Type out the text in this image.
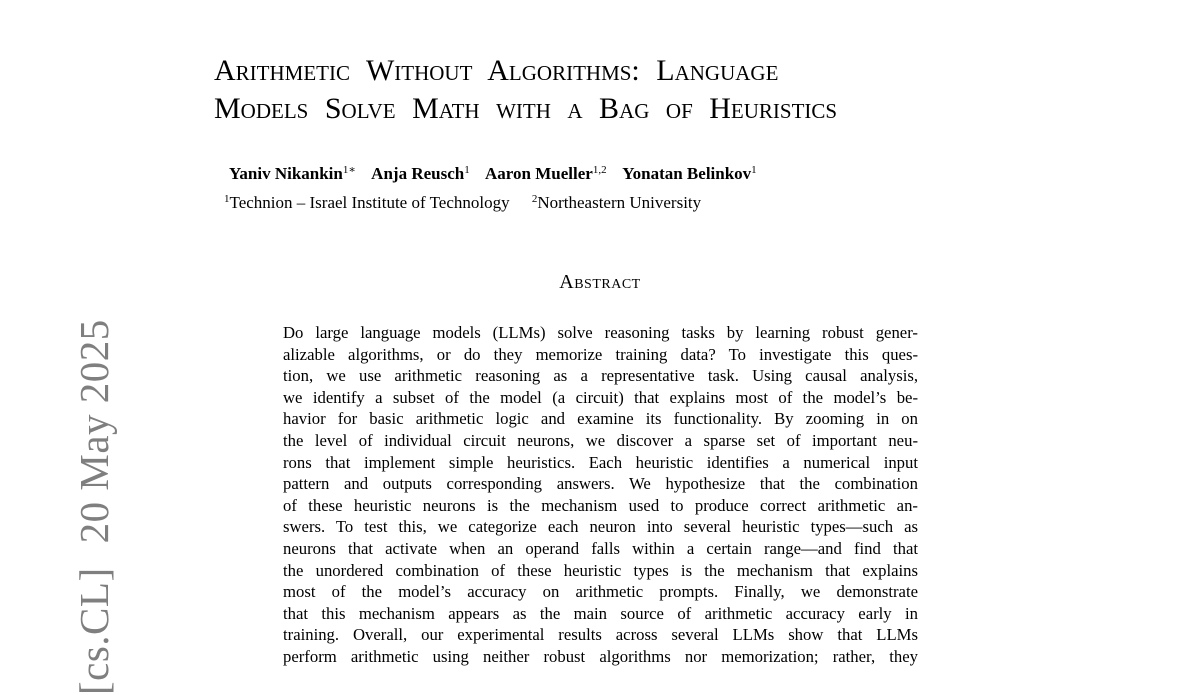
[cs.CL]20 May 2025
Arithmetic Without Algorithms: Language
Models Solve Math with a Bag of Heuristics
Yaniv Nikankin$^{1∗}$ Anja Reusch$^1$ Aaron Mueller$^{1,2}$ Yonatan Belinkov$^1$
$^1$Technion – Israel Institute of Technology $^2$Northeastern University
Abstract
Do large language models (LLMs) solve reasoning tasks by learning robust gener-
alizable algorithms, or do they memorize training data? To investigate this ques-
tion, we use arithmetic reasoning as a representative task. Using causal analysis,
we identify a subset of the model (a circuit) that explains most of the model’s be-
havior for basic arithmetic logic and examine its functionality. By zooming in on
the level of individual circuit neurons, we discover a sparse set of important neu-
rons that implement simple heuristics. Each heuristic identifies a numerical input
pattern and outputs corresponding answers. We hypothesize that the combination
of these heuristic neurons is the mechanism used to produce correct arithmetic an-
swers. To test this, we categorize each neuron into several heuristic types—such as
neurons that activate when an operand falls within a certain range—and find that
the unordered combination of these heuristic types is the mechanism that explains
most of the model’s accuracy on arithmetic prompts. Finally, we demonstrate
that this mechanism appears as the main source of arithmetic accuracy early in
training. Overall, our experimental results across several LLMs show that LLMs
perform arithmetic using neither robust algorithms nor memorization; rather, they
